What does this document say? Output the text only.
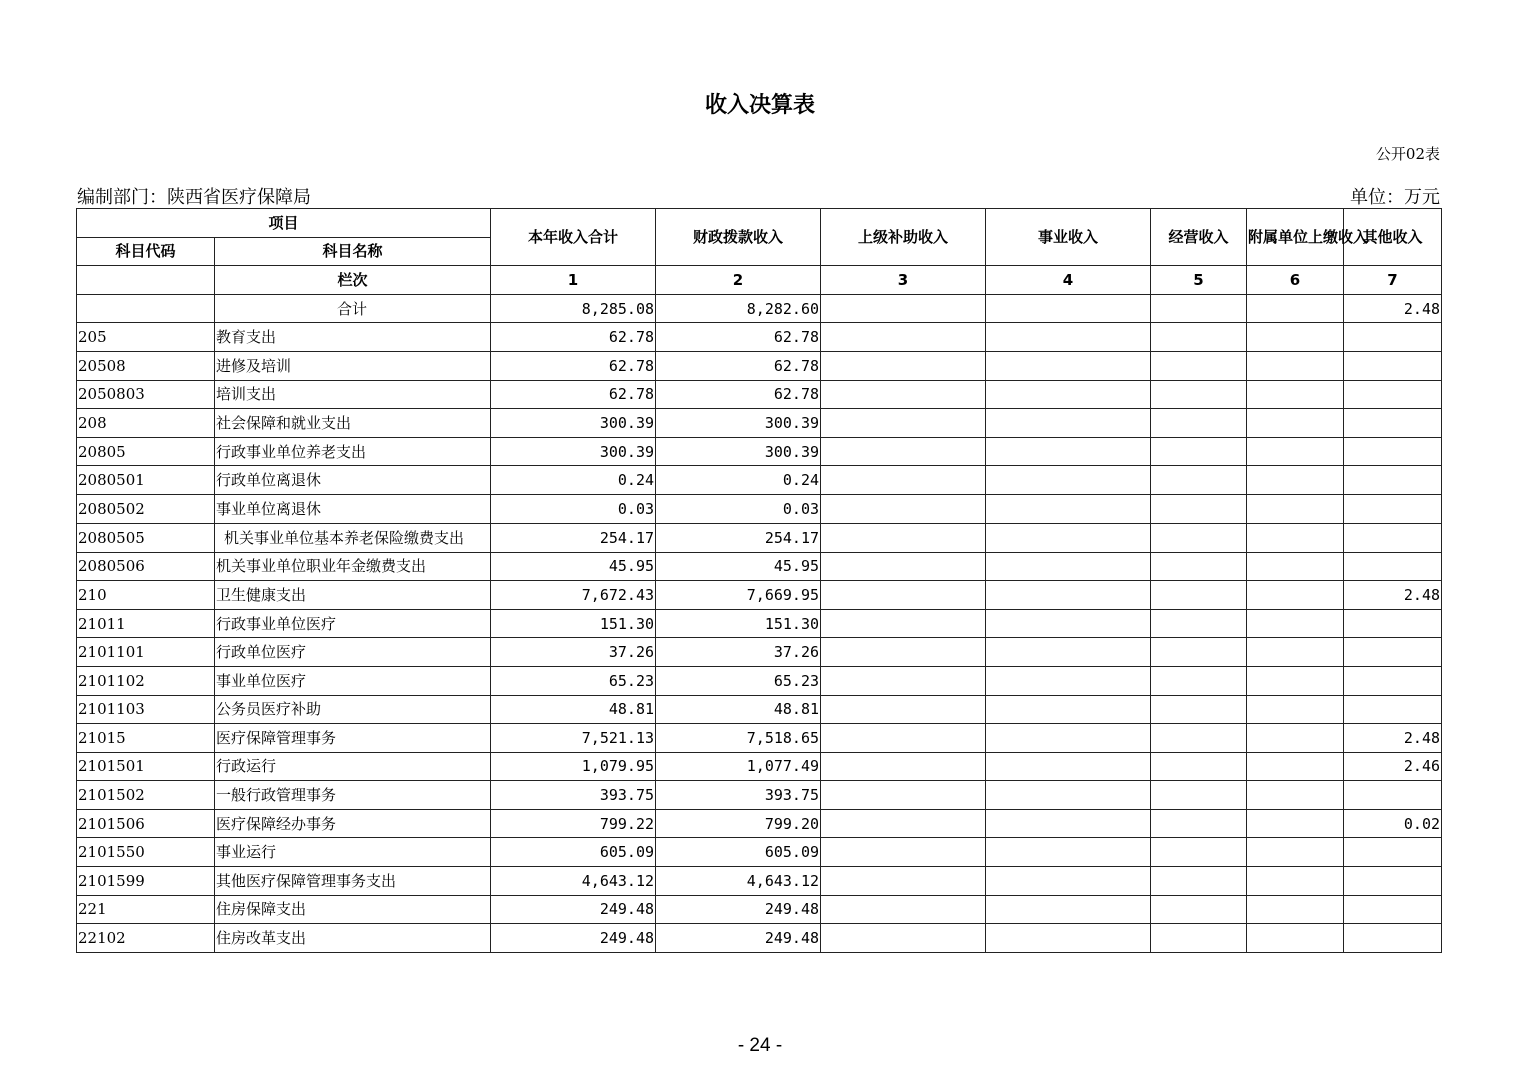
收入决算表
公开02表
编制部门：陕西省医疗保障局	单位：万元
项目		本年收入合计	财政拨款收入	上级补助收入	事业收入	经营收入	附属单位上缴收入	其他收入
科目代码	科目名称							
	栏次	1	2	3	4	5	6	7
	合计	8,285.08	8,282.60					2.48
205	教育支出	62.78	62.78					
20508	进修及培训	62.78	62.78					
2050803	培训支出	62.78	62.78					
208	社会保障和就业支出	300.39	300.39					
20805	行政事业单位养老支出	300.39	300.39					
2080501	行政单位离退休	0.24	0.24					
2080502	事业单位离退休	0.03	0.03					
2080505	机关事业单位基本养老保险缴费支出	254.17	254.17					
2080506	机关事业单位职业年金缴费支出	45.95	45.95					
210	卫生健康支出	7,672.43	7,669.95					2.48
21011	行政事业单位医疗	151.30	151.30					
2101101	行政单位医疗	37.26	37.26					
2101102	事业单位医疗	65.23	65.23					
2101103	公务员医疗补助	48.81	48.81					
21015	医疗保障管理事务	7,521.13	7,518.65					2.48
2101501	行政运行	1,079.95	1,077.49					2.46
2101502	一般行政管理事务	393.75	393.75					
2101506	医疗保障经办事务	799.22	799.20					0.02
2101550	事业运行	605.09	605.09					
2101599	其他医疗保障管理事务支出	4,643.12	4,643.12					
221	住房保障支出	249.48	249.48					
22102	住房改革支出	249.48	249.48					
- 24 -
